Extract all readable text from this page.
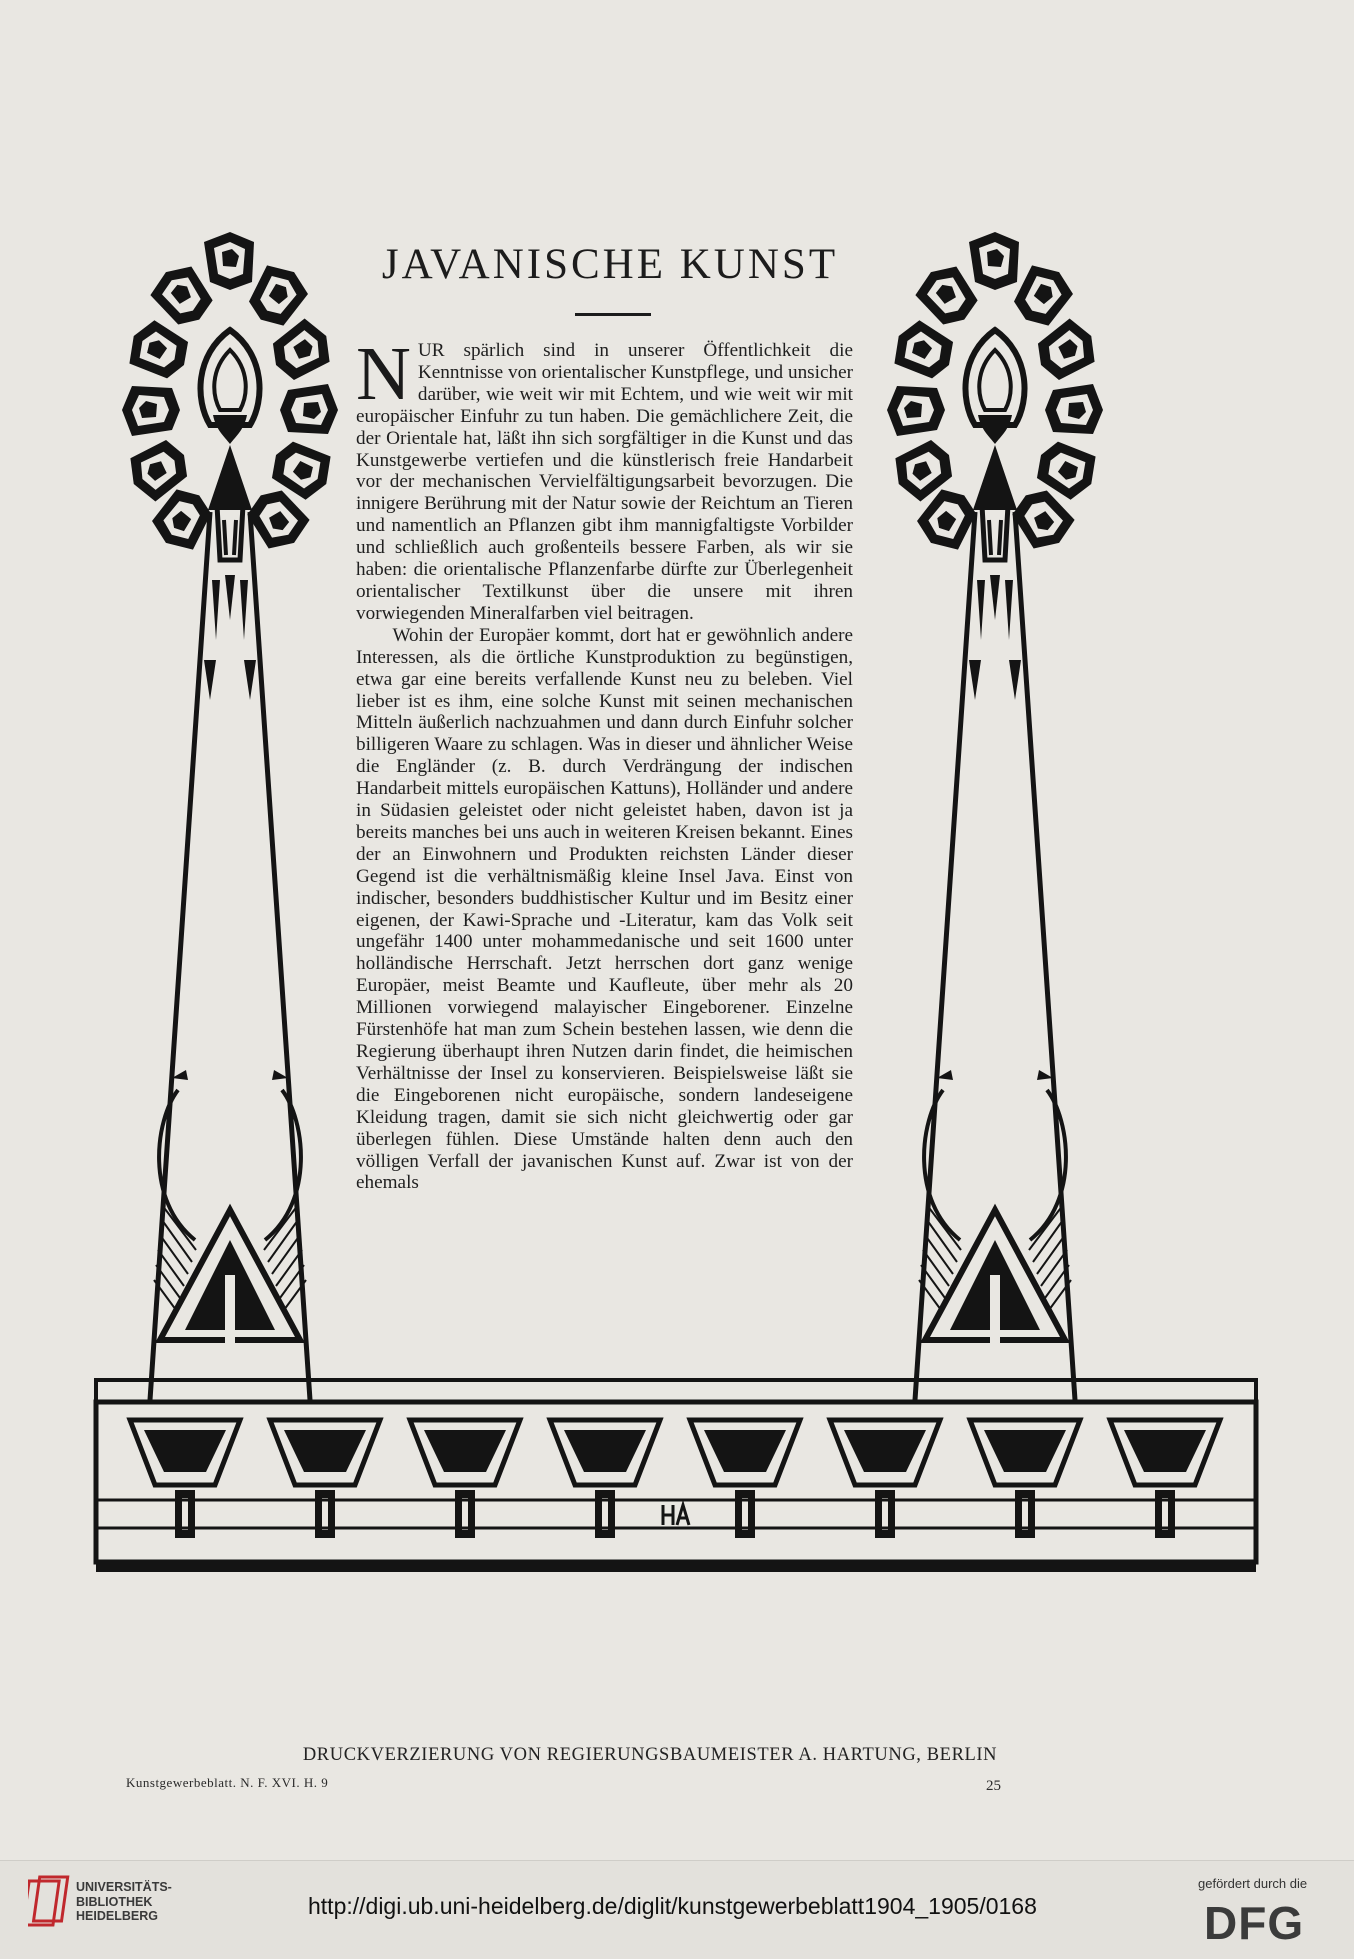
JAVANISCHE KUNST

NUR spärlich sind in unserer Öffentlichkeit die Kenntnisse von orientalischer Kunstpflege, und unsicher darüber, wie weit wir mit Echtem, und wie weit wir mit europäischer Einfuhr zu tun haben. Die gemächlichere Zeit, die der Orientale hat, läßt ihn sich sorgfältiger in die Kunst und das Kunstgewerbe vertiefen und die künstlerisch freie Handarbeit vor der mechanischen Vervielfältigungsarbeit bevorzugen. Die innigere Berührung mit der Natur sowie der Reichtum an Tieren und namentlich an Pflanzen gibt ihm mannigfaltigste Vorbilder und schließlich auch großenteils bessere Farben, als wir sie haben: die orientalische Pflanzenfarbe dürfte zur Überlegenheit orientalischer Textilkunst über die unsere mit ihren vorwiegenden Mineralfarben viel beitragen.

Wohin der Europäer kommt, dort hat er gewöhnlich andere Interessen, als die örtliche Kunstproduktion zu begünstigen, etwa gar eine bereits verfallende Kunst neu zu beleben. Viel lieber ist es ihm, eine solche Kunst mit seinen mechanischen Mitteln äußerlich nachzuahmen und dann durch Einfuhr solcher billigeren Waare zu schlagen. Was in dieser und ähnlicher Weise die Engländer (z. B. durch Verdrängung der indischen Handarbeit mittels europäischen Kattuns), Holländer und andere in Südasien geleistet oder nicht geleistet haben, davon ist ja bereits manches bei uns auch in weiteren Kreisen bekannt. Eines der an Einwohnern und Produkten reichsten Länder dieser Gegend ist die verhältnismäßig kleine Insel Java. Einst von indischer, besonders buddhistischer Kultur und im Besitz einer eigenen, der Kawi-Sprache und -Literatur, kam das Volk seit ungefähr 1400 unter mohammedanische und seit 1600 unter holländische Herrschaft. Jetzt herrschen dort ganz wenige Europäer, meist Beamte und Kaufleute, über mehr als 20 Millionen vorwiegend malayischer Eingeborener. Einzelne Fürstenhöfe hat man zum Schein bestehen lassen, wie denn die Regierung überhaupt ihren Nutzen darin findet, die heimischen Verhältnisse der Insel zu konservieren. Beispielsweise läßt sie die Eingeborenen nicht europäische, sondern landeseigene Kleidung tragen, damit sie sich nicht gleichwertig oder gar überlegen fühlen. Diese Umstände halten denn auch den völligen Verfall der javanischen Kunst auf. Zwar ist von der ehemals

DRUCKVERZIERUNG VON REGIERUNGSBAUMEISTER A. HARTUNG, BERLIN
Kunstgewerbeblatt. N. F. XVI. H. 9	25
UNIVERSITÄTS-
BIBLIOTHEK
HEIDELBERG	http://digi.ub.uni-heidelberg.de/diglit/kunstgewerbeblatt1904_1905/0168
gefördert durch die
DFG
